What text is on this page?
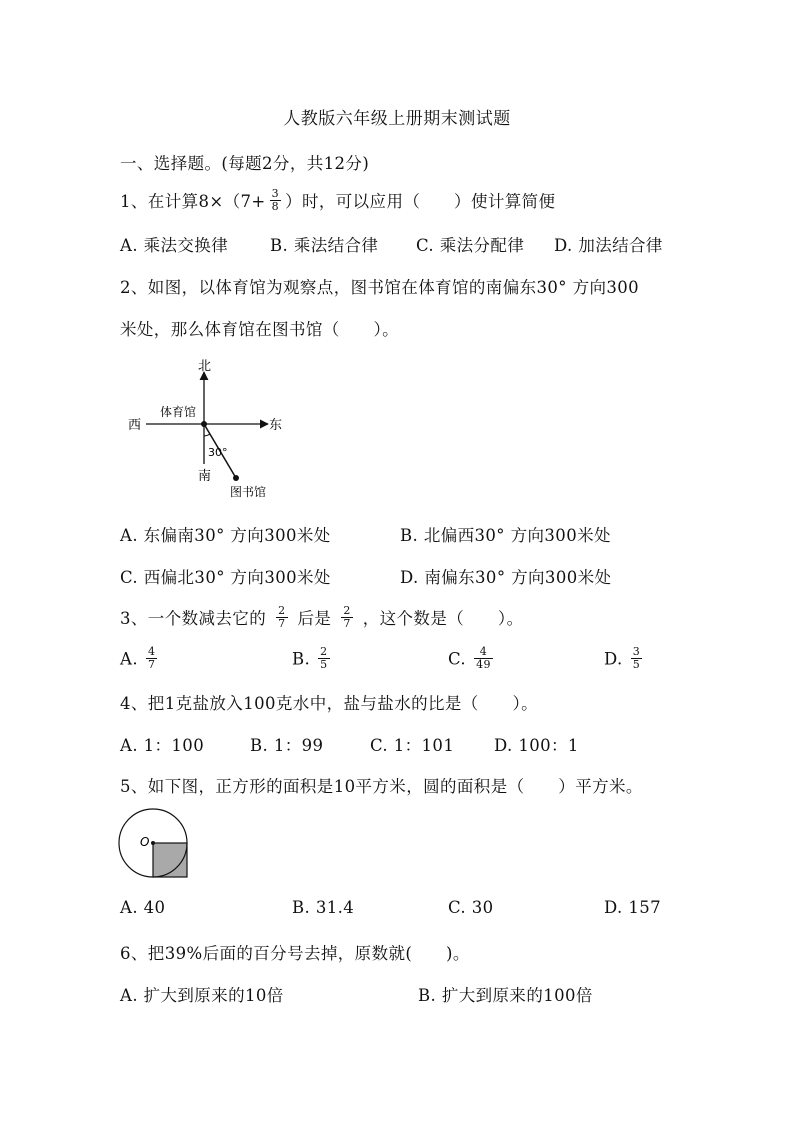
人教版六年级上册期末测试题
一、选择题。(每题2分，共12分)
1、在计算$8\times(7+ \frac{3}{8}$ ）时，可以应用（　　）使计算简便
A. 乘法交换律	B. 乘法结合律 C. 乘法分配律 D. 加法结合律
2、如图，以体育馆为观察点，图书馆在体育馆的南偏东30° 方向300
米处，那么体育馆在图书馆（　　）。
北
东
西
南
体育馆
图书馆
30°
A. 东偏南30° 方向300米处	B. 北偏西30° 方向300米处
C. 西偏北30° 方向300米处	D. 南偏东30° 方向300米处
3、一个数减去它的 $\frac{2}{7}$ 后是 $\frac{2}{7}$ ，这个数是（　　）。
A. $\frac{4}{7}$	B. $\frac{2}{5}$	C. $\frac{4}{49}$	D. $\frac{3}{5}$
4、把1克盐放入100克水中，盐与盐水的比是（　　）。
A. 1：100	B. 1：99	C. 1：101 D. 100：1
5、如下图，正方形的面积是10平方米，圆的面积是（　　）平方米。
O
A. 40	B. 31.4	C. 30	D. 157
6、把39%后面的百分号去掉，原数就(　　)。
A. 扩大到原来的10倍	B. 扩大到原来的100倍
